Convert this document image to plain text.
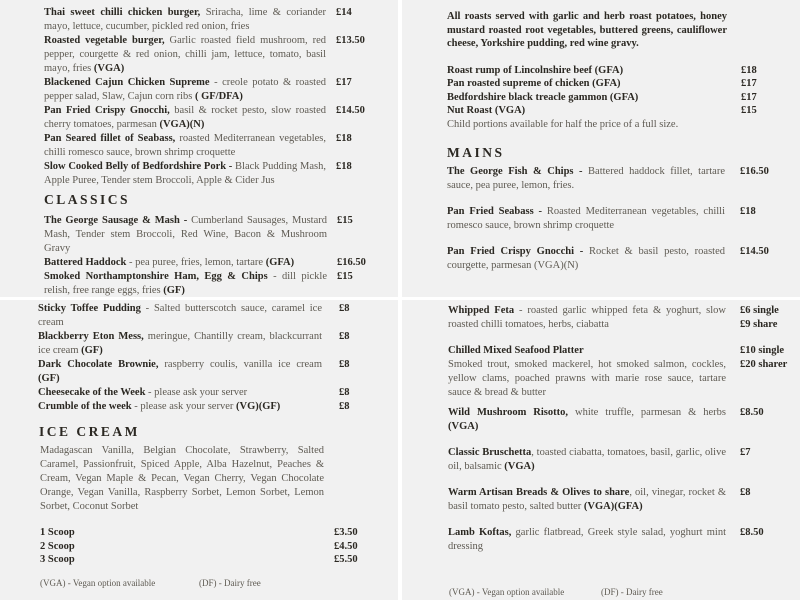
Thai sweet chilli chicken burger, Sriracha, lime & coriander mayo, lettuce, cucumber, pickled red onion, fries
£14
Roasted vegetable burger, Garlic roasted field mushroom, red pepper, courgette & red onion, chilli jam, lettuce, tomato, basil mayo, fries (VGA)
£13.50
Blackened Cajun Chicken Supreme - creole potato & roasted pepper salad, Slaw, Cajun corn ribs ( GF/DFA)
£17
Pan Fried Crispy Gnocchi, basil & rocket pesto, slow roasted cherry tomatoes, parmesan (VGA)(N)
£14.50
Pan Seared fillet of Seabass, roasted Mediterranean vegetables, chilli romesco sauce, brown shrimp croquette
£18
Slow Cooked Belly of Bedfordshire Pork - Black Pudding Mash, Apple Puree, Tender stem Broccoli, Apple & Cider Jus
£18
CLASSICS
The George Sausage & Mash - Cumberland Sausages, Mustard Mash, Tender stem Broccoli, Red Wine, Bacon & Mushroom Gravy
£15
Battered Haddock - pea puree, fries, lemon, tartare (GFA)	£16.50
Smoked Northamptonshire Ham, Egg & Chips - dill pickle relish, free range eggs, fries (GF)
£15
All roasts served with garlic and herb roast potatoes, honey mustard roasted root vegetables, buttered greens, cauliflower cheese, Yorkshire pudding, red wine gravy.
Roast rump of Lincolnshire beef (GFA)	£18
Pan roasted supreme of chicken (GFA)	£17
Bedfordshire black treacle gammon (GFA)	£17
Nut Roast (VGA)	£15
Child portions available for half the price of a full size.
MAINS
The George Fish & Chips - Battered haddock fillet, tartare sauce, pea puree, lemon, fries.
£16.50
Pan Fried Seabass - Roasted Mediterranean vegetables, chilli romesco sauce, brown shrimp croquette
£18
Pan Fried Crispy Gnocchi - Rocket & basil pesto, roasted courgette, parmesan (VGA)(N)
£14.50
Sticky Toffee Pudding - Salted butterscotch sauce, caramel ice cream
£8
Blackberry Eton Mess, meringue, Chantilly cream, blackcurrant ice cream (GF)
£8
Dark Chocolate Brownie, raspberry coulis, vanilla ice cream (GF)
£8
Cheesecake of the Week - please ask your server	£8
Crumble of the week - please ask your server (VG)(GF)	£8
ICE CREAM
Madagascan Vanilla, Belgian Chocolate, Strawberry, Salted Caramel, Passionfruit, Spiced Apple, Alba Hazelnut, Peaches & Cream, Vegan Maple & Pecan, Vegan Cherry, Vegan Chocolate Orange, Vegan Vanilla, Raspberry Sorbet, Lemon Sorbet, Lemon Sorbet, Coconut Sorbet
1 Scoop	£3.50
2 Scoop	£4.50
3 Scoop	£5.50
(VGA) - Vegan option available	(DF) - Dairy free
Whipped Feta - roasted garlic whipped feta & yoghurt, slow roasted chilli tomatoes, herbs, ciabatta
£6 single
£9 share
Chilled Mixed Seafood Platter
Smoked trout, smoked mackerel, hot smoked salmon, cockles, yellow clams, poached prawns with marie rose sauce, tartare sauce & bread & butter
£10 single
£20 sharer
Wild Mushroom Risotto, white truffle, parmesan & herbs (VGA)
£8.50
Classic Bruschetta, toasted ciabatta, tomatoes, basil, garlic, olive oil, balsamic (VGA)
£7
Warm Artisan Breads & Olives to share, oil, vinegar, rocket & basil tomato pesto, salted butter (VGA)(GFA)
£8
Lamb Koftas, garlic flatbread, Greek style salad, yoghurt mint dressing
£8.50
(VGA) - Vegan option available	(DF) - Dairy free
